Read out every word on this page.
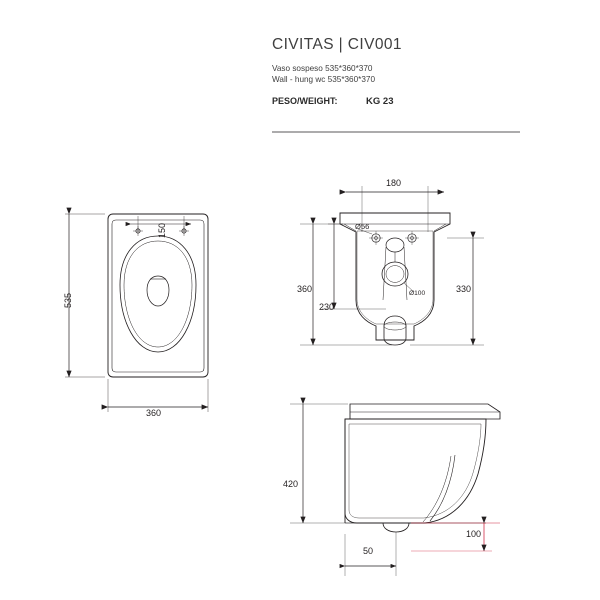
CIVITAS | CIV001

Vaso sospeso 535*360*370

Wall - hung wc 535*360*370

PESO/WEIGHT:	KG 23
535
150
360
180
360	330
230
Ø56
Ø100
420
100
50
